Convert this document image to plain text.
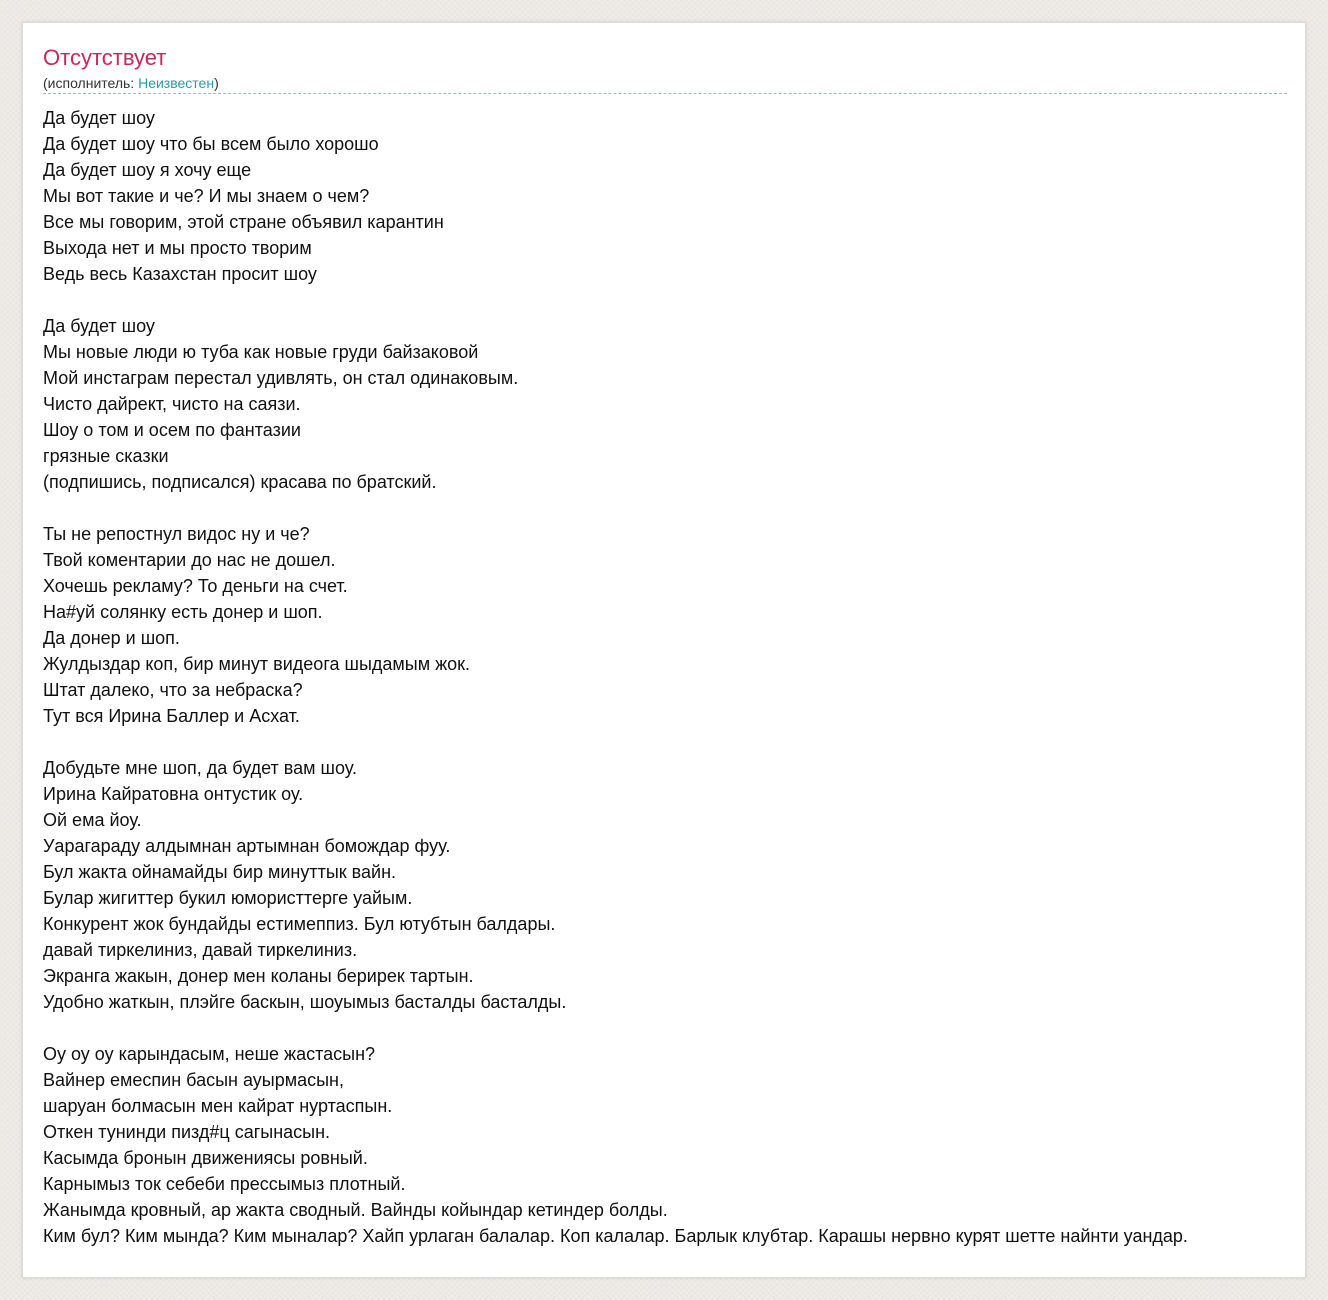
Отсутствует
(исполнитель: Неизвестен)
Да будет шоу
Да будет шоу что бы всем было хорошо
Да будет шоу я хочу еще
Мы вот такие и че? И мы знаем о чем?
Все мы говорим, этой стране объявил карантин
Выхода нет и мы просто творим
Ведь весь Казахстан просит шоу
Да будет шоу
Мы новые люди ю туба как новые груди байзаковой
Мой инстаграм перестал удивлять, он стал одинаковым.
Чисто дайрект, чисто на саязи.
Шоу о том и осем по фантазии
грязные сказки
(подпишись, подписался) красава по братский.
Ты не репостнул видос ну и че?
Твой коментарии до нас не дошел.
Хочешь рекламу? То деньги на счет.
На#уй солянку есть донер и шоп.
Да донер и шоп.
Жулдыздар коп, бир минут видеога шыдамым жок.
Штат далеко, что за небраска?
Тут вся Ирина Баллер и Асхат.
Добудьте мне шоп, да будет вам шоу.
Ирина Кайратовна онтустик оу.
Ой ема йоу.
Уарагараду алдымнан артымнан бомождар фуу.
Бул жакта ойнамайды бир минуттык вайн.
Булар жигиттер букил юмористтерге уайым.
Конкурент жок бундайды естимеппиз. Бул ютубтын балдары.
давай тиркелиниз, давай тиркелиниз.
Экранга жакын, донер мен коланы берирек тартын.
Удобно жаткын, плэйге баскын, шоуымыз басталды басталды.
Оу оу оу карындасым, неше жастасын?
Вайнер емеспин басын ауырмасын,
шаруан болмасын мен кайрат нуртаспын.
Откен тунинди пизд#ц сагынасын.
Касымда бронын движениясы ровный.
Карнымыз ток себеби прессымыз плотный.
Жанымда кровный, ар жакта сводный. Вайнды койындар кетиндер болды.
Ким бул? Ким мында? Ким мыналар? Хайп урлаган балалар. Коп калалар. Барлык клубтар. Карашы нервно курят шетте найнти уандар.
